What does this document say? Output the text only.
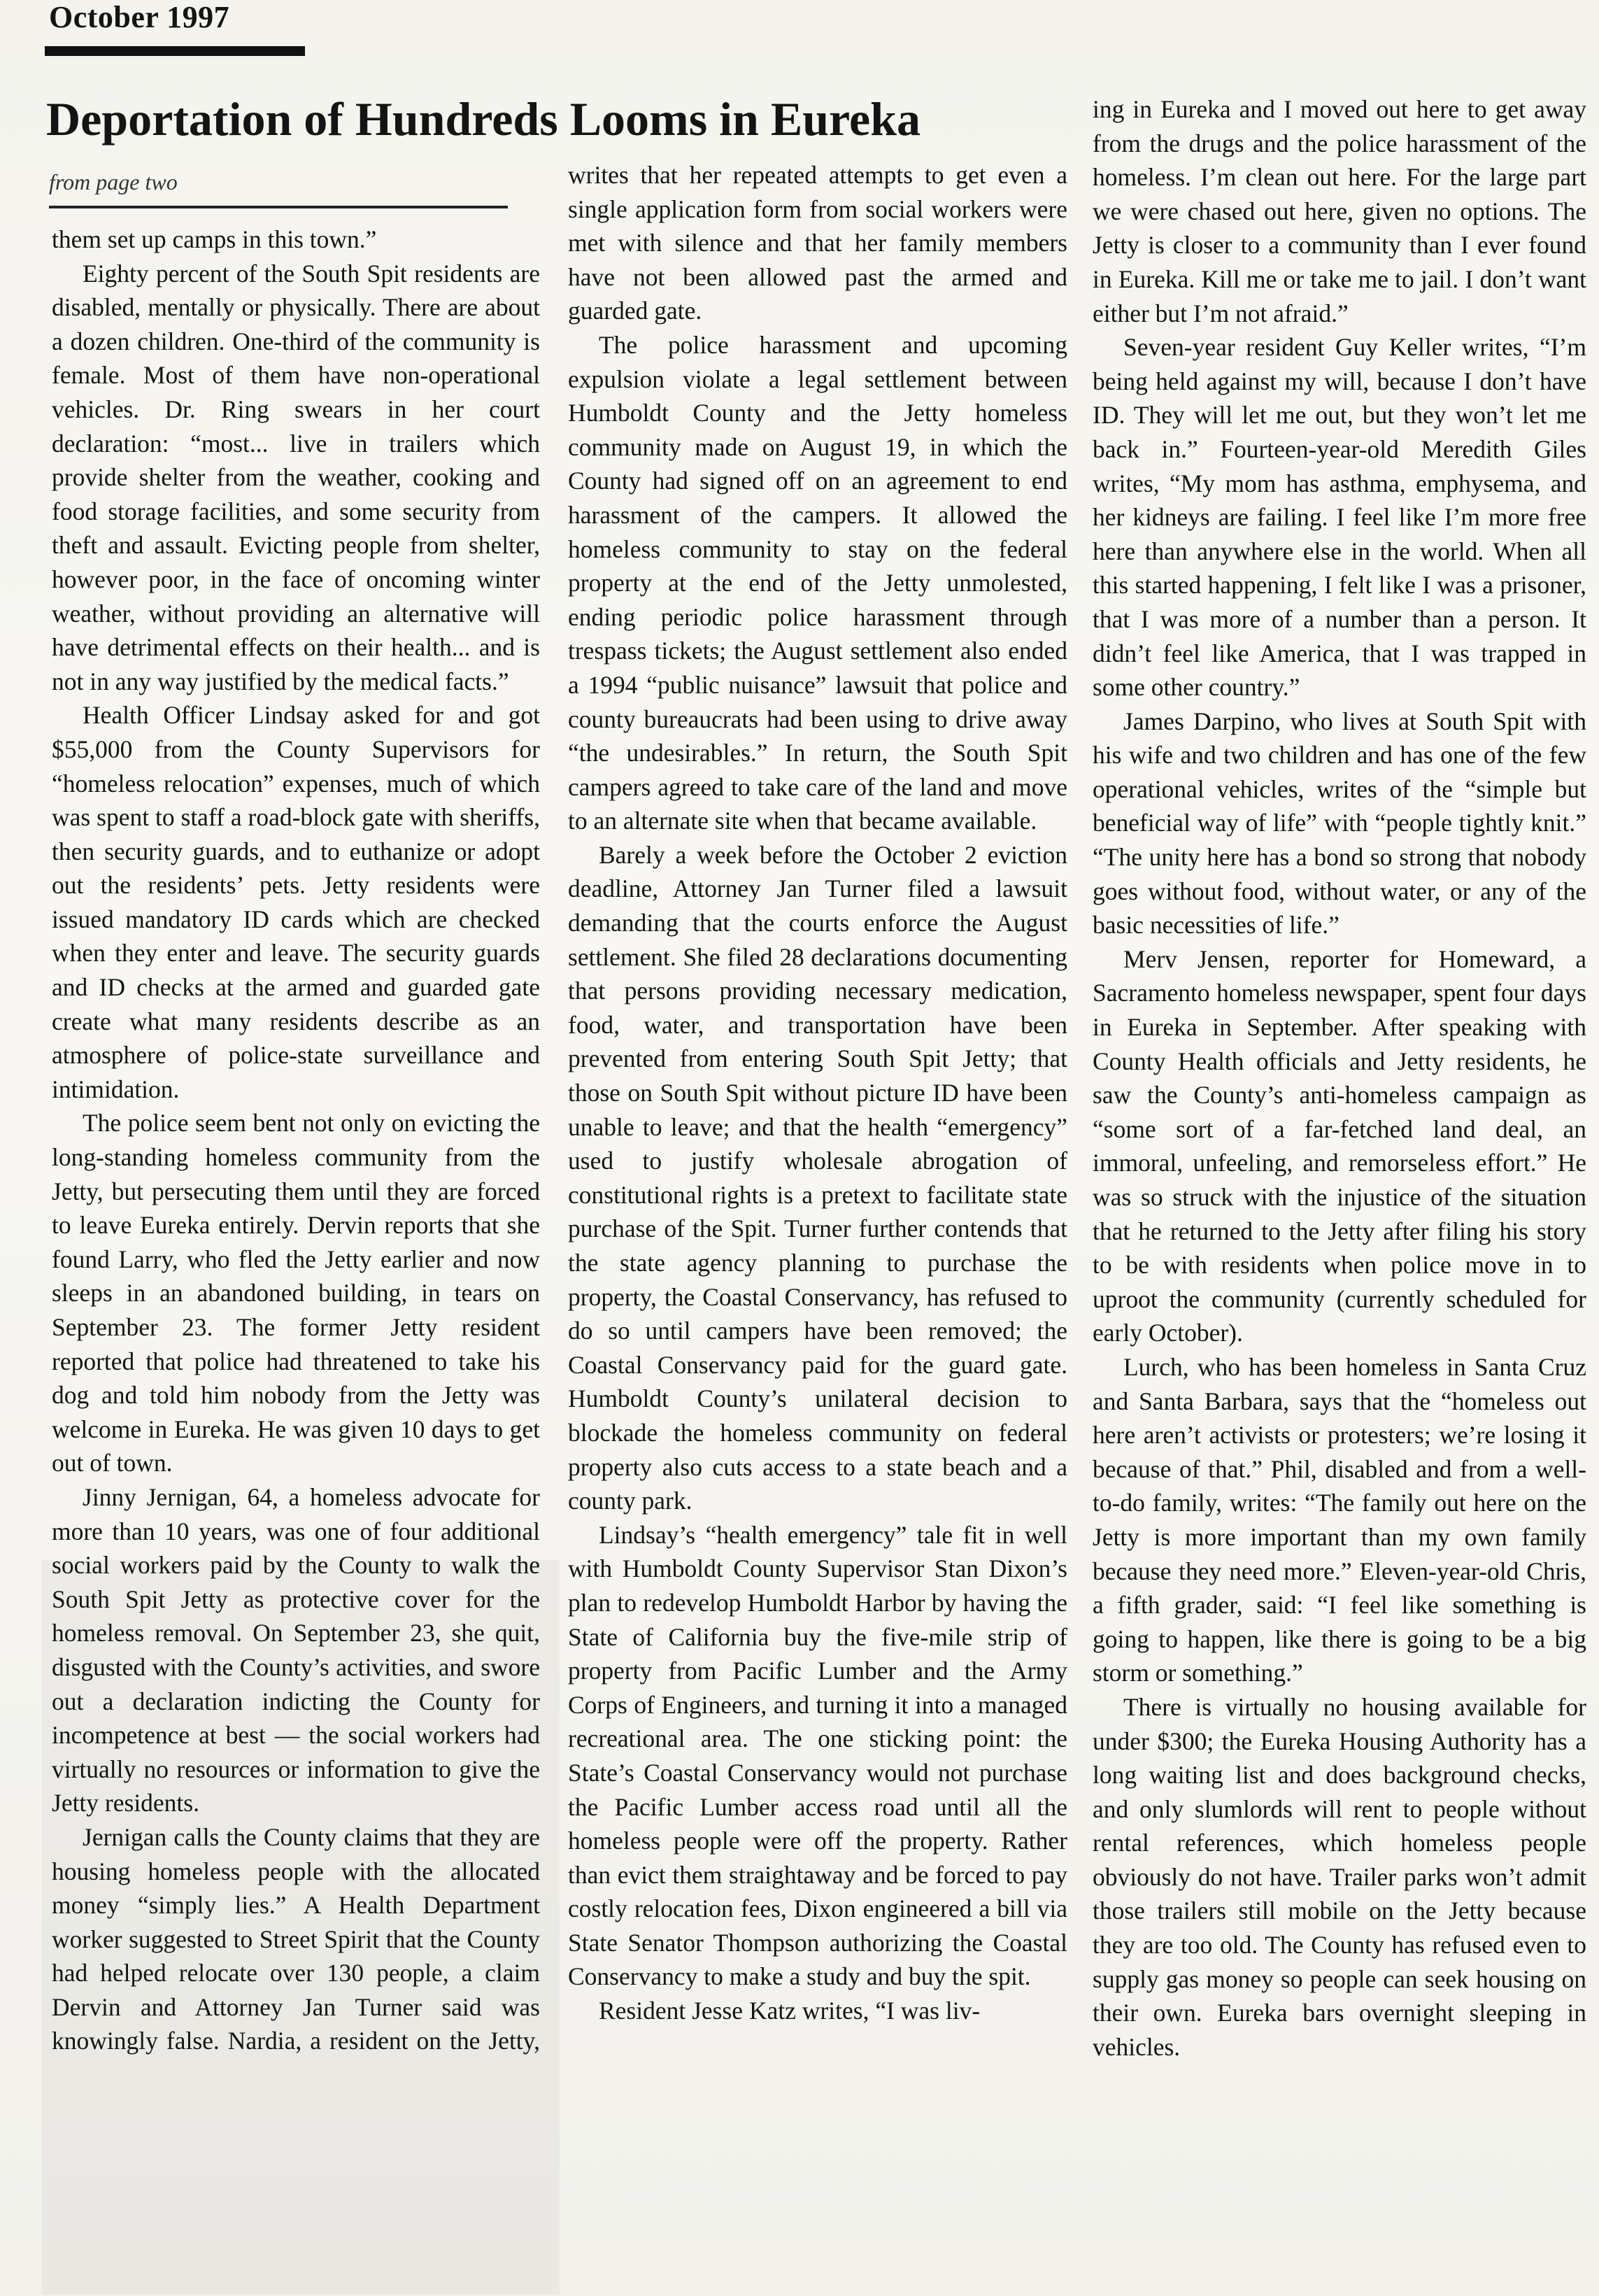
October 1997
Deportation of Hundreds Looms in Eureka
from page two

them set up camps in this town.”

Eighty percent of the South Spit residents are disabled, mentally or physically. There are about a dozen children. One-third of the community is female. Most of them have non-operational vehicles. Dr. Ring swears in her court declaration: “most... live in trailers which provide shelter from the weather, cooking and food storage facilities, and some security from theft and assault. Evicting people from shelter, however poor, in the face of oncoming winter weather, without providing an alternative will have detrimental effects on their health... and is not in any way justified by the medical facts.”

Health Officer Lindsay asked for and got $55,000 from the County Supervisors for “homeless relocation” expenses, much of which was spent to staff a road-block gate with sheriffs, then security guards, and to euthanize or adopt out the residents’ pets. Jetty residents were issued mandatory ID cards which are checked when they enter and leave. The security guards and ID checks at the armed and guarded gate create what many residents describe as an atmosphere of police-state surveillance and intimidation.

The police seem bent not only on evicting the long-standing homeless community from the Jetty, but persecuting them until they are forced to leave Eureka entirely. Dervin reports that she found Larry, who fled the Jetty earlier and now sleeps in an abandoned building, in tears on September 23. The former Jetty resident reported that police had threatened to take his dog and told him nobody from the Jetty was welcome in Eureka. He was given 10 days to get out of town.

Jinny Jernigan, 64, a homeless advocate for more than 10 years, was one of four additional social workers paid by the County to walk the South Spit Jetty as protective cover for the homeless removal. On September 23, she quit, disgusted with the County’s activities, and swore out a declaration indicting the County for incompetence at best — the social workers had virtually no resources or information to give the Jetty residents.

Jernigan calls the County claims that they are housing homeless people with the allocated money “simply lies.” A Health Department worker suggested to Street Spirit that the County had helped relocate over 130 people, a claim Dervin and Attorney Jan Turner said was knowingly false. Nardia, a resident on the Jetty,

writes that her repeated attempts to get even a single application form from social workers were met with silence and that her family members have not been allowed past the armed and guarded gate.

The police harassment and upcoming expulsion violate a legal settlement between Humboldt County and the Jetty homeless community made on August 19, in which the County had signed off on an agreement to end harassment of the campers. It allowed the homeless community to stay on the federal property at the end of the Jetty unmolested, ending periodic police harassment through trespass tickets; the August settlement also ended a 1994 “public nuisance” lawsuit that police and county bureaucrats had been using to drive away “the undesirables.” In return, the South Spit campers agreed to take care of the land and move to an alternate site when that became available.

Barely a week before the October 2 eviction deadline, Attorney Jan Turner filed a lawsuit demanding that the courts enforce the August settlement. She filed 28 declarations documenting that persons providing necessary medication, food, water, and transportation have been prevented from entering South Spit Jetty; that those on South Spit without picture ID have been unable to leave; and that the health “emergency” used to justify wholesale abrogation of constitutional rights is a pretext to facilitate state purchase of the Spit. Turner further contends that the state agency planning to purchase the property, the Coastal Conservancy, has refused to do so until campers have been removed; the Coastal Conservancy paid for the guard gate. Humboldt County’s unilateral decision to blockade the homeless community on federal property also cuts access to a state beach and a county park.

Lindsay’s “health emergency” tale fit in well with Humboldt County Supervisor Stan Dixon’s plan to redevelop Humboldt Harbor by having the State of California buy the five-mile strip of property from Pacific Lumber and the Army Corps of Engineers, and turning it into a managed recreational area. The one sticking point: the State’s Coastal Conservancy would not purchase the Pacific Lumber access road until all the homeless people were off the property. Rather than evict them straightaway and be forced to pay costly relocation fees, Dixon engineered a bill via State Senator Thompson authorizing the Coastal Conservancy to make a study and buy the spit.

Resident Jesse Katz writes, “I was liv-

ing in Eureka and I moved out here to get away from the drugs and the police harassment of the homeless. I’m clean out here. For the large part we were chased out here, given no options. The Jetty is closer to a community than I ever found in Eureka. Kill me or take me to jail. I don’t want either but I’m not afraid.”

Seven-year resident Guy Keller writes, “I’m being held against my will, because I don’t have ID. They will let me out, but they won’t let me back in.” Fourteen-year-old Meredith Giles writes, “My mom has asthma, emphysema, and her kidneys are failing. I feel like I’m more free here than anywhere else in the world. When all this started happening, I felt like I was a prisoner, that I was more of a number than a person. It didn’t feel like America, that I was trapped in some other country.”

James Darpino, who lives at South Spit with his wife and two children and has one of the few operational vehicles, writes of the “simple but beneficial way of life” with “people tightly knit.” “The unity here has a bond so strong that nobody goes without food, without water, or any of the basic necessities of life.”

Merv Jensen, reporter for Homeward, a Sacramento homeless newspaper, spent four days in Eureka in September. After speaking with County Health officials and Jetty residents, he saw the County’s anti-homeless campaign as “some sort of a far-fetched land deal, an immoral, unfeeling, and remorseless effort.” He was so struck with the injustice of the situation that he returned to the Jetty after filing his story to be with residents when police move in to uproot the community (currently scheduled for early October).

Lurch, who has been homeless in Santa Cruz and Santa Barbara, says that the “homeless out here aren’t activists or protesters; we’re losing it because of that.” Phil, disabled and from a well-to-do family, writes: “The family out here on the Jetty is more important than my own family because they need more.” Eleven-year-old Chris, a fifth grader, said: “I feel like something is going to happen, like there is going to be a big storm or something.”

There is virtually no housing available for under $300; the Eureka Housing Authority has a long waiting list and does background checks, and only slumlords will rent to people without rental references, which homeless people obviously do not have. Trailer parks won’t admit those trailers still mobile on the Jetty because they are too old. The County has refused even to supply gas money so people can seek housing on their own. Eureka bars overnight sleeping in vehicles.
